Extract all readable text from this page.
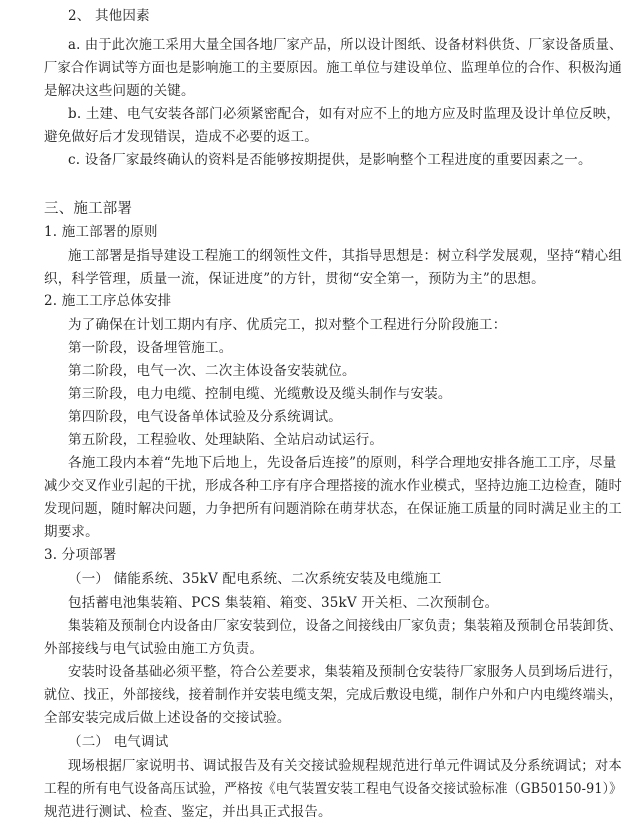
2、 其他因素
a. 由于此次施工采用大量全国各地厂家产品，所以设计图纸、设备材料供货、厂家设备质量、
厂家合作调试等方面也是影响施工的主要原因。施工单位与建设单位、监理单位的合作、积极沟通
是解决这些问题的关键。
b. 土建、电气安装各部门必须紧密配合，如有对应不上的地方应及时监理及设计单位反映，
避免做好后才发现错误，造成不必要的返工。
c. 设备厂家最终确认的资料是否能够按期提供，是影响整个工程进度的重要因素之一。
三、施工部署
1. 施工部署的原则
施工部署是指导建设工程施工的纲领性文件，其指导思想是：树立科学发展观，坚持“精心组
织，科学管理，质量一流，保证进度”的方针，贯彻“安全第一，预防为主”的思想。
2. 施工工序总体安排
为了确保在计划工期内有序、优质完工，拟对整个工程进行分阶段施工：
第一阶段，设备埋管施工。
第二阶段，电气一次、二次主体设备安装就位。
第三阶段，电力电缆、控制电缆、光缆敷设及缆头制作与安装。
第四阶段，电气设备单体试验及分系统调试。
第五阶段，工程验收、处理缺陷、全站启动试运行。
各施工段内本着“先地下后地上，先设备后连接”的原则，科学合理地安排各施工工序，尽量
减少交叉作业引起的干扰，形成各种工序有序合理搭接的流水作业模式，坚持边施工边检查，随时
发现问题，随时解决问题，力争把所有问题消除在萌芽状态，在保证施工质量的同时满足业主的工
期要求。
3. 分项部署
（一） 储能系统、35kV 配电系统、二次系统安装及电缆施工
包括蓄电池集装箱、PCS 集装箱、箱变、35kV 开关柜、二次预制仓。
集装箱及预制仓内设备由厂家安装到位，设备之间接线由厂家负责；集装箱及预制仓吊装卸货、
外部接线与电气试验由施工方负责。
安装时设备基础必须平整，符合公差要求，集装箱及预制仓安装待厂家服务人员到场后进行，
就位、找正，外部接线，接着制作并安装电缆支架，完成后敷设电缆，制作户外和户内电缆终端头，
全部安装完成后做上述设备的交接试验。
（二） 电气调试
现场根据厂家说明书、调试报告及有关交接试验规程规范进行单元件调试及分系统调试；对本
工程的所有电气设备高压试验，严格按《电气装置安装工程电气设备交接试验标准（GB50150-91）》
规范进行测试、检查、鉴定，并出具正式报告。
